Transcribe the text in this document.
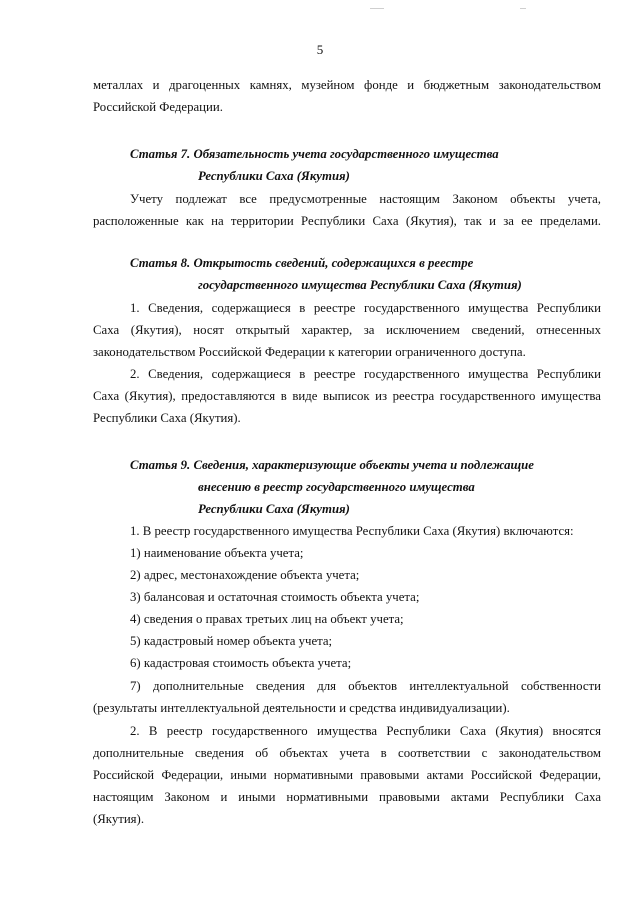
5
металлах и драгоценных камнях, музейном фонде и бюджетным законодательством
Российской Федерации.
Статья 7. Обязательность учета государственного имущества
Республики Саха (Якутия)
Учету подлежат все предусмотренные настоящим Законом объекты учета,
расположенные как на территории Республики Саха (Якутия), так и за ее пределами.
Статья 8. Открытость сведений, содержащихся в реестре
государственного имущества Республики Саха (Якутия)
1. Сведения, содержащиеся в реестре государственного имущества Республики
Саха (Якутия), носят открытый характер, за исключением сведений, отнесенных
законодательством Российской Федерации к категории ограниченного доступа.
2. Сведения, содержащиеся в реестре государственного имущества Республики
Саха (Якутия), предоставляются в виде выписок из реестра государственного имущества
Республики Саха (Якутия).
Статья 9. Сведения, характеризующие объекты учета и подлежащие
внесению в реестр государственного имущества
Республики Саха (Якутия)
1. В реестр государственного имущества Республики Саха (Якутия) включаются:
1) наименование объекта учета;
2) адрес, местонахождение объекта учета;
3) балансовая и остаточная стоимость объекта учета;
4) сведения о правах третьих лиц на объект учета;
5) кадастровый номер объекта учета;
6) кадастровая стоимость объекта учета;
7) дополнительные сведения для объектов интеллектуальной собственности
(результаты интеллектуальной деятельности и средства индивидуализации).
2. В реестр государственного имущества Республики Саха (Якутия) вносятся
дополнительные сведения об объектах учета в соответствии с законодательством
Российской Федерации, иными нормативными правовыми актами Российской Федерации,
настоящим Законом и иными нормативными правовыми актами Республики Саха
(Якутия).
